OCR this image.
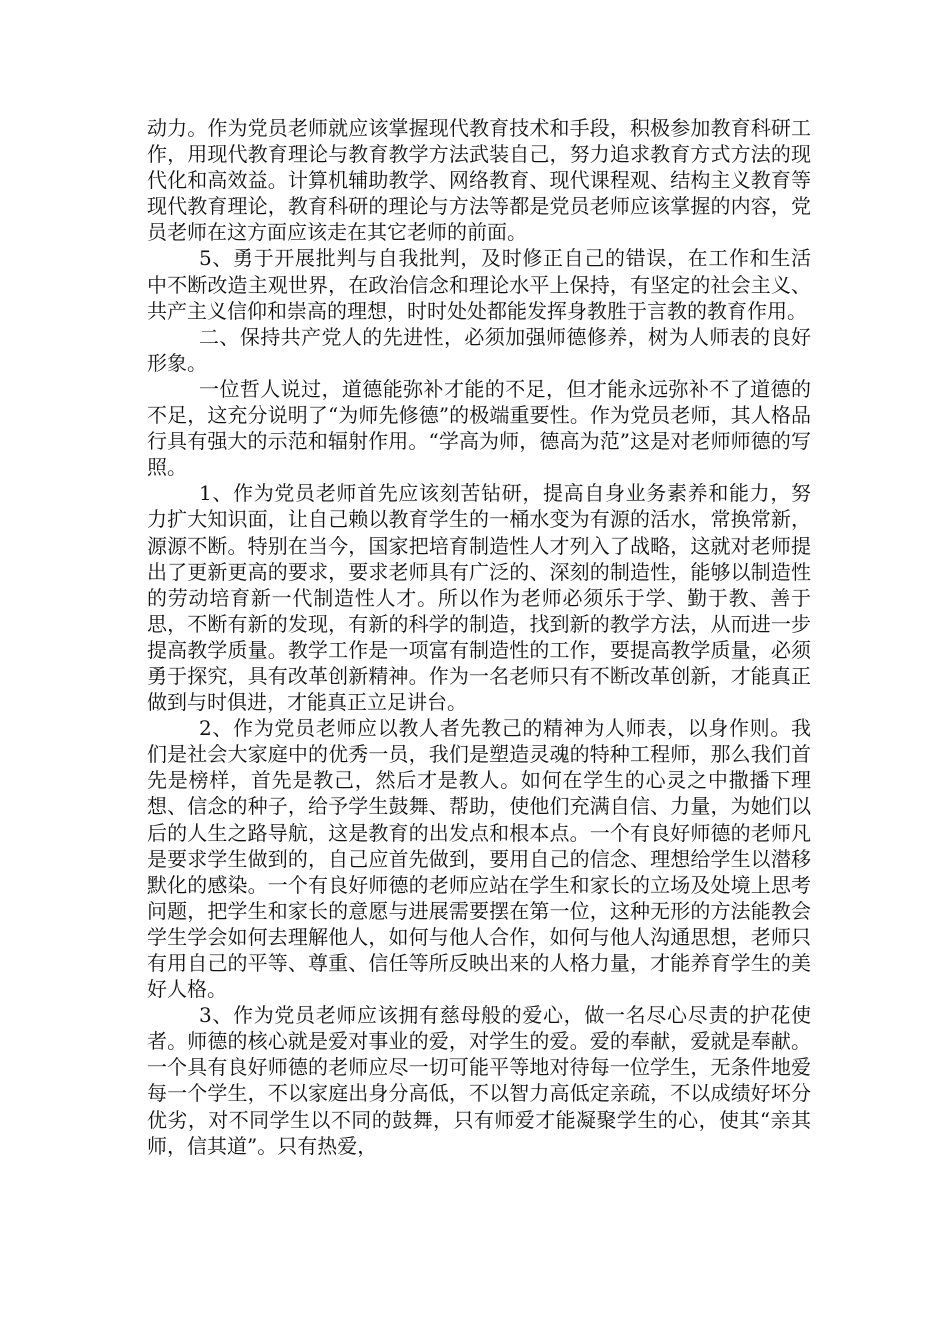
动力。作为党员老师就应该掌握现代教育技术和手段，积极参加教育科研工作，用现代教育理论与教育教学方法武装自己，努力追求教育方式方法的现代化和高效益。计算机辅助教学、网络教育、现代课程观、结构主义教育等现代教育理论，教育科研的理论与方法等都是党员老师应该掌握的内容，党员老师在这方面应该走在其它老师的前面。

5、勇于开展批判与自我批判，及时修正自己的错误，在工作和生活中不断改造主观世界，在政治信念和理论水平上保持，有坚定的社会主义、共产主义信仰和崇高的理想，时时处处都能发挥身教胜于言教的教育作用。

二、保持共产党人的先进性，必须加强师德修养，树为人师表的良好形象。

一位哲人说过，道德能弥补才能的不足，但才能永远弥补不了道德的不足，这充分说明了“为师先修德”的极端重要性。作为党员老师，其人格品行具有强大的示范和辐射作用。“学高为师，德高为范”这是对老师师德的写照。

1、作为党员老师首先应该刻苦钻研，提高自身业务素养和能力，努力扩大知识面，让自己赖以教育学生的一桶水变为有源的活水，常换常新，源源不断。特别在当今，国家把培育制造性人才列入了战略，这就对老师提出了更新更高的要求，要求老师具有广泛的、深刻的制造性，能够以制造性的劳动培育新一代制造性人才。所以作为老师必须乐于学、勤于教、善于思，不断有新的发现，有新的科学的制造，找到新的教学方法，从而进一步提高教学质量。教学工作是一项富有制造性的工作，要提高教学质量，必须勇于探究，具有改革创新精神。作为一名老师只有不断改革创新，才能真正做到与时俱进，才能真正立足讲台。

2、作为党员老师应以教人者先教己的精神为人师表，以身作则。我们是社会大家庭中的优秀一员，我们是塑造灵魂的特种工程师，那么我们首先是榜样，首先是教己，然后才是教人。如何在学生的心灵之中撒播下理想、信念的种子，给予学生鼓舞、帮助，使他们充满自信、力量，为她们以后的人生之路导航，这是教育的出发点和根本点。一个有良好师德的老师凡是要求学生做到的，自己应首先做到，要用自己的信念、理想给学生以潜移默化的感染。一个有良好师德的老师应站在学生和家长的立场及处境上思考问题，把学生和家长的意愿与进展需要摆在第一位，这种无形的方法能教会学生学会如何去理解他人，如何与他人合作，如何与他人沟通思想，老师只有用自己的平等、尊重、信任等所反映出来的人格力量，才能养育学生的美好人格。

3、作为党员老师应该拥有慈母般的爱心，做一名尽心尽责的护花使者。师德的核心就是爱对事业的爱，对学生的爱。爱的奉献，爱就是奉献。一个具有良好师德的老师应尽一切可能平等地对待每一位学生，无条件地爱每一个学生，不以家庭出身分高低，不以智力高低定亲疏，不以成绩好坏分优劣，对不同学生以不同的鼓舞，只有师爱才能凝聚学生的心，使其“亲其师，信其道”。只有热爱，
